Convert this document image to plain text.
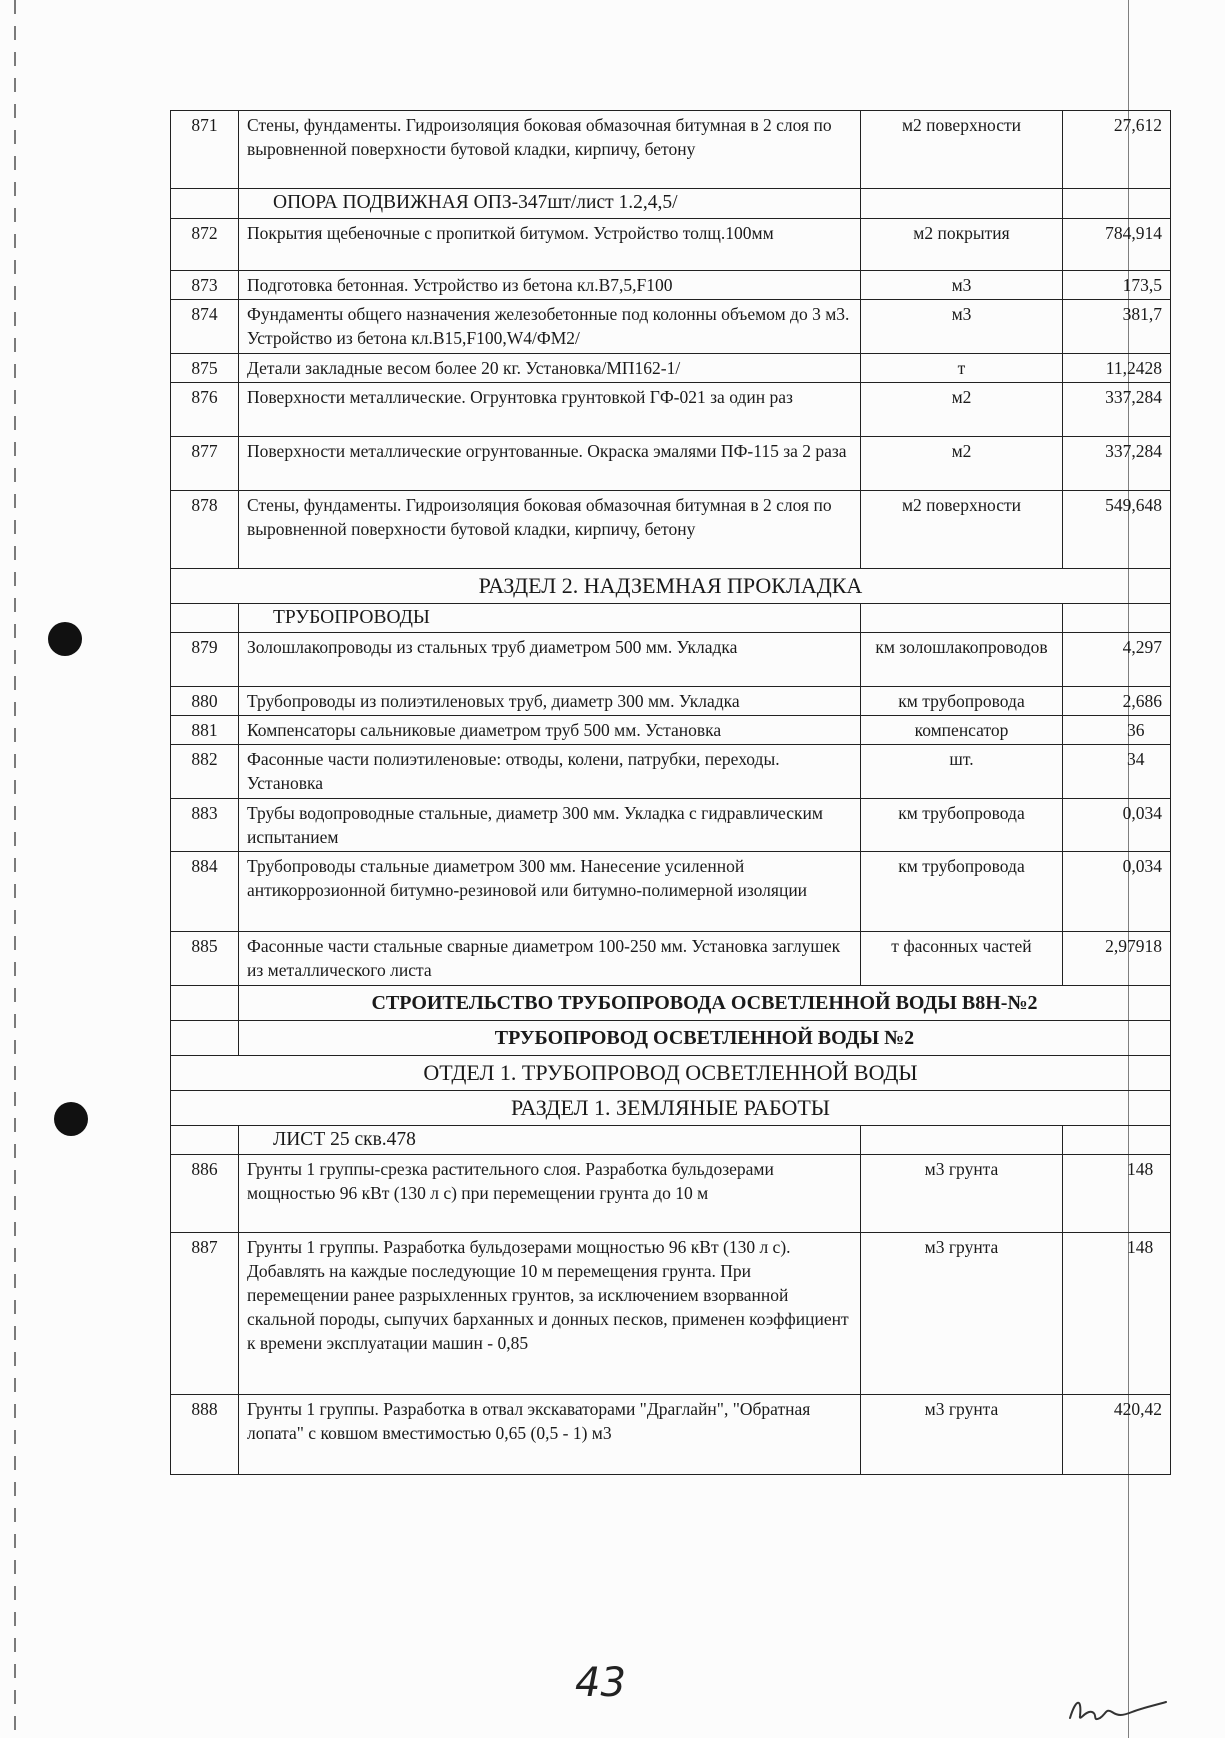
871	Стены, фундаменты. Гидроизоляция боковая обмазочная битумная в 2 слоя по выровненной поверхности бутовой кладки, кирпичу, бетону	м2 поверхности	27,612
	ОПОРА ПОДВИЖНАЯ ОПЗ-347шт/лист 1.2,4,5/		
872	Покрытия щебеночные с пропиткой битумом. Устройство толщ.100мм	м2 покрытия	784,914
873	Подготовка бетонная. Устройство из бетона кл.В7,5,F100	м3	173,5
874	Фундаменты общего назначения железобетонные под колонны объемом до 3 м3. Устройство из бетона кл.В15,F100,W4/ФМ2/	м3	381,7
875	Детали закладные весом более 20 кг. Установка/МП162-1/	т	11,2428
876	Поверхности металлические. Огрунтовка грунтовкой ГФ-021 за один раз	м2	337,284
877	Поверхности металлические огрунтованные. Окраска эмалями ПФ-115 за 2 раза	м2	337,284
878	Стены, фундаменты. Гидроизоляция боковая обмазочная битумная в 2 слоя по выровненной поверхности бутовой кладки, кирпичу, бетону	м2 поверхности	549,648
РАЗДЕЛ 2. НАДЗЕМНАЯ ПРОКЛАДКА			
	ТРУБОПРОВОДЫ		
879	Золошлакопроводы из стальных труб диаметром 500 мм. Укладка	км золошлакопроводов	4,297
880	Трубопроводы из полиэтиленовых труб, диаметр 300 мм. Укладка	км трубопровода	2,686
881	Компенсаторы сальниковые диаметром труб 500 мм. Установка	компенсатор	36
882	Фасонные части полиэтиленовые: отводы, колени, патрубки, переходы. Установка	шт.	34
883	Трубы водопроводные стальные, диаметр 300 мм. Укладка с гидравлическим испытанием	км трубопровода	0,034
884	Трубопроводы стальные диаметром 300 мм. Нанесение усиленной антикоррозионной битумно-резиновой или битумно-полимерной изоляции	км трубопровода	0,034
885	Фасонные части стальные сварные диаметром 100-250 мм. Установка заглушек из металлического листа	т фасонных частей	2,97918
	СТРОИТЕЛЬСТВО ТРУБОПРОВОДА ОСВЕТЛЕННОЙ ВОДЫ В8Н-№2		
	ТРУБОПРОВОД ОСВЕТЛЕННОЙ ВОДЫ №2		
ОТДЕЛ 1. ТРУБОПРОВОД ОСВЕТЛЕННОЙ ВОДЫ			
РАЗДЕЛ 1. ЗЕМЛЯНЫЕ РАБОТЫ			
	ЛИСТ 25 скв.478		
886	Грунты 1 группы-срезка растительного слоя. Разработка бульдозерами мощностью 96 кВт (130 л с) при перемещении грунта до 10 м	м3 грунта	148
887	Грунты 1 группы. Разработка бульдозерами мощностью 96 кВт (130 л с). Добавлять на каждые последующие 10 м перемещения грунта. При перемещении ранее разрыхленных грунтов, за исключением взорванной скальной породы, сыпучих барханных и донных песков, применен коэффициент к времени эксплуатации машин - 0,85	м3 грунта	148
888	Грунты 1 группы. Разработка в отвал экскаваторами "Драглайн", "Обратная лопата" с ковшом вместимостью 0,65 (0,5 - 1) м3	м3 грунта	420,42
43
